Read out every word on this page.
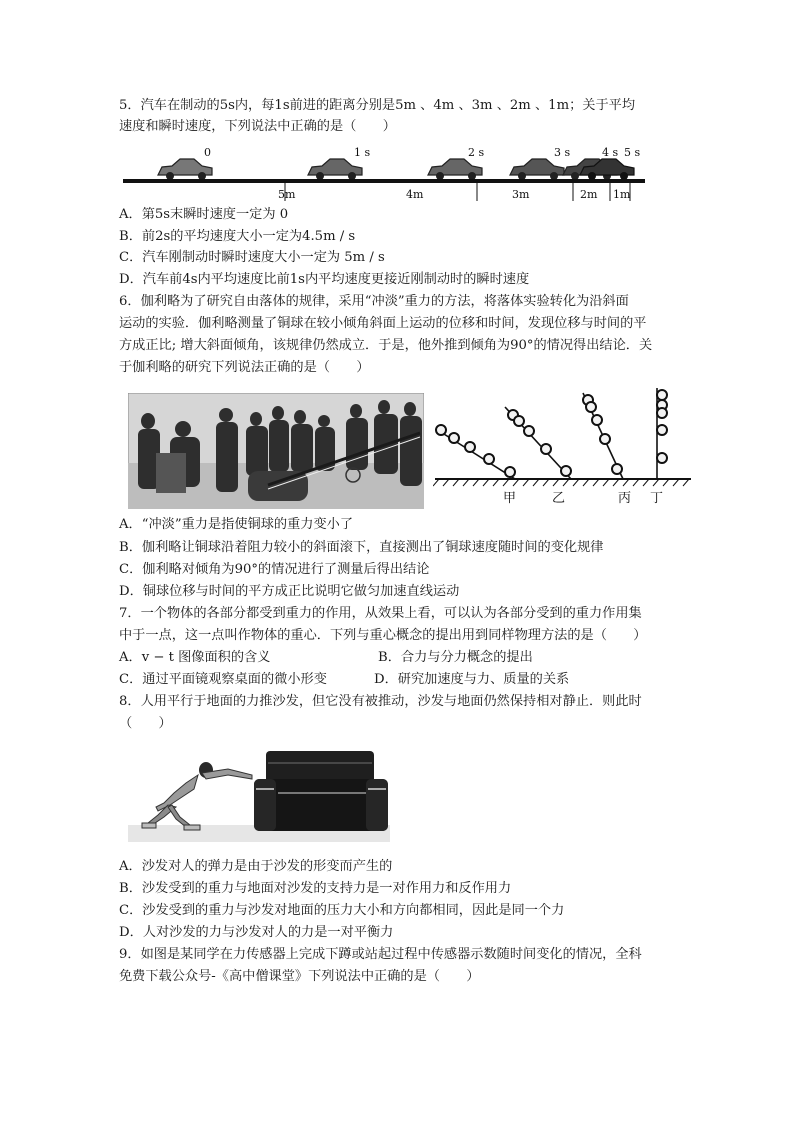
5．汽车在制动的5s内，每1s前进的距离分别是5m 、4m 、3m 、2m 、1m；关于平均
速度和瞬时速度，下列说法中正确的是（　　）
0	1 s	2 s	3 s	4 s 5 s
5m	4m	3m	2m 1m
A．第5s末瞬时速度一定为 0
B．前2s的平均速度大小一定为4.5m / s
C．汽车刚制动时瞬时速度大小一定为 5m / s
D．汽车前4s内平均速度比前1s内平均速度更接近刚制动时的瞬时速度
6．伽利略为了研究自由落体的规律，采用“冲淡”重力的方法，将落体实验转化为沿斜面
运动的实验．伽利略测量了铜球在较小倾角斜面上运动的位移和时间，发现位移与时间的平
方成正比; 增大斜面倾角，该规律仍然成立．于是，他外推到倾角为90°的情况得出结论．关
于伽利略的研究下列说法正确的是（　　）
甲	乙	丙 丁
A．“冲淡”重力是指使铜球的重力变小了
B．伽利略让铜球沿着阻力较小的斜面滚下，直接测出了铜球速度随时间的变化规律
C．伽利略对倾角为90°的情况进行了测量后得出结论
D．铜球位移与时间的平方成正比说明它做匀加速直线运动
7．一个物体的各部分都受到重力的作用，从效果上看，可以认为各部分受到的重力作用集
中于一点，这一点叫作物体的重心．下列与重心概念的提出用到同样物理方法的是（　　）
A．v − t 图像面积的含义	B．合力与分力概念的提出
C．通过平面镜观察桌面的微小形变	D．研究加速度与力、质量的关系
8．人用平行于地面的力推沙发，但它没有被推动，沙发与地面仍然保持相对静止．则此时
（　　）
A．沙发对人的弹力是由于沙发的形变而产生的
B．沙发受到的重力与地面对沙发的支持力是一对作用力和反作用力
C．沙发受到的重力与沙发对地面的压力大小和方向都相同，因此是同一个力
D．人对沙发的力与沙发对人的力是一对平衡力
9．如图是某同学在力传感器上完成下蹲或站起过程中传感器示数随时间变化的情况，全科
免费下载公众号-《高中僧课堂》下列说法中正确的是（　　）
